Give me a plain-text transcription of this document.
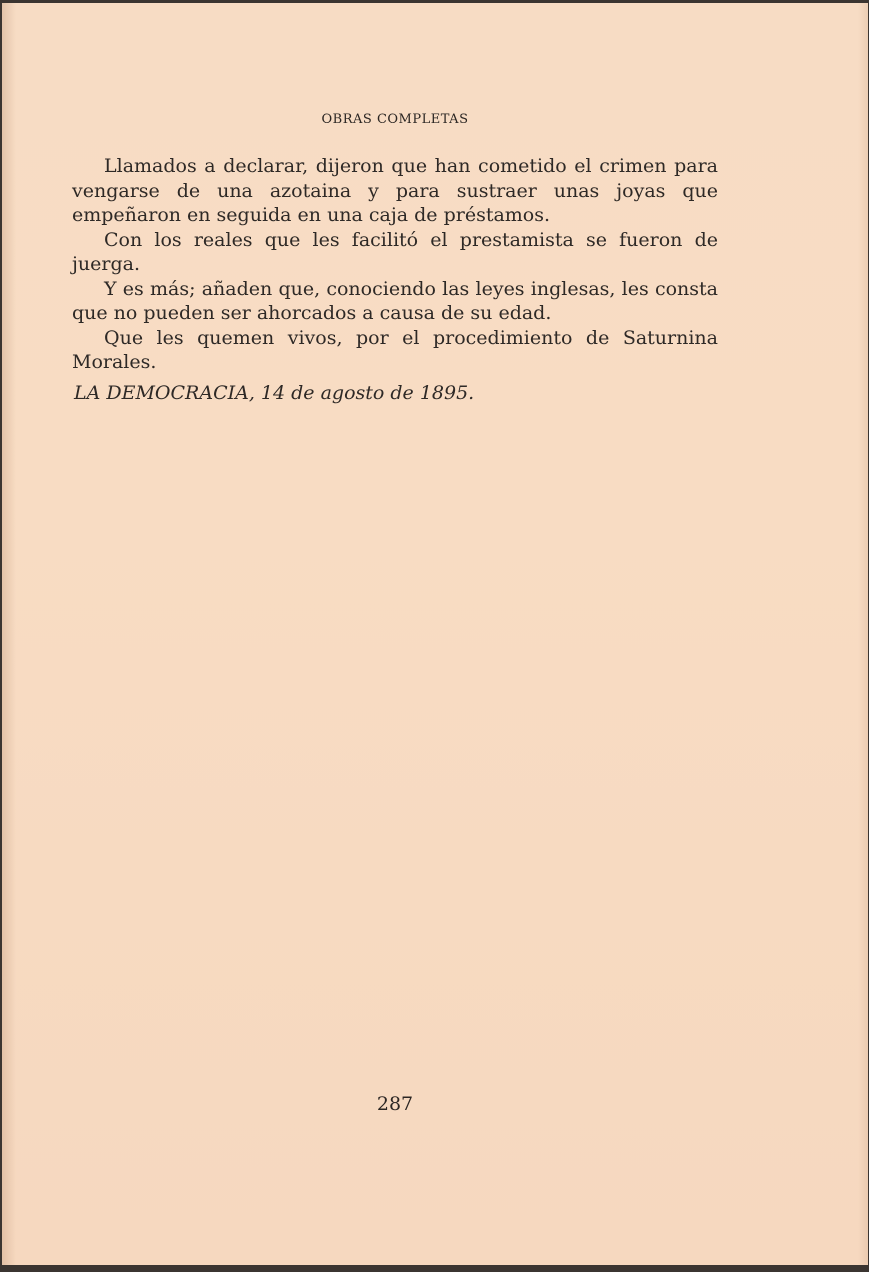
OBRAS COMPLETAS

Llamados a declarar, dijeron que han cometido el crimen para vengarse de una azotaina y para sustraer unas joyas que empeñaron en seguida en una caja de préstamos.

Con los reales que les facilitó el prestamista se fueron de juerga.

Y es más; añaden que, conociendo las leyes inglesas, les consta que no pueden ser ahorcados a causa de su edad.

Que les quemen vivos, por el procedimiento de Saturnina Morales.

LA DEMOCRACIA, 14 de agosto de 1895.
287
